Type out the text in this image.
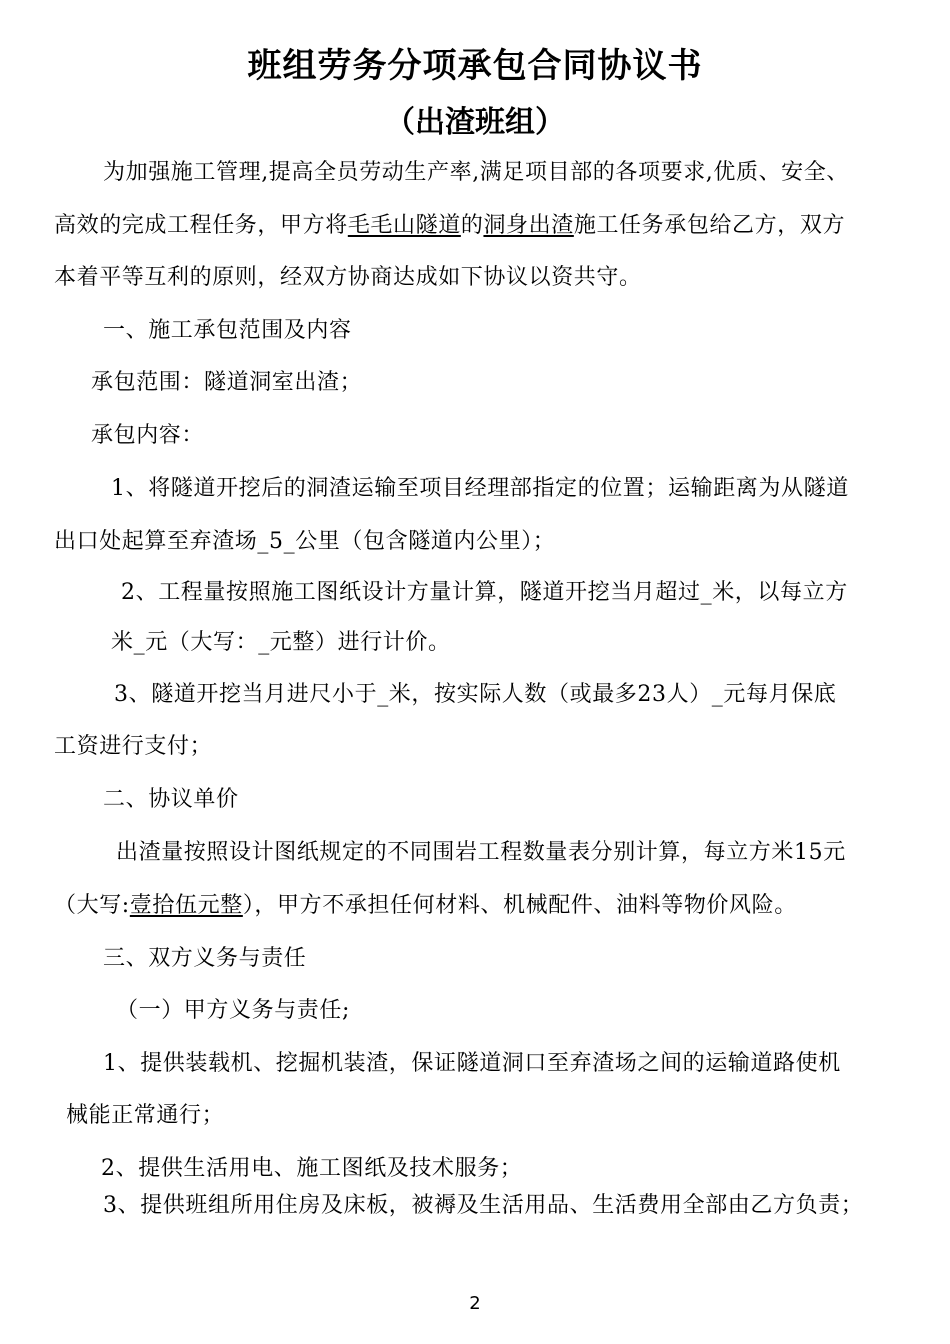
班组劳务分项承包合同协议书
（出渣班组）
为加强施工管理,提高全员劳动生产率,满足项目部的各项要求,优质、安全、
高效的完成工程任务，甲方将毛毛山隧道的洞身出渣施工任务承包给乙方，双方
本着平等互利的原则，经双方协商达成如下协议以资共守。
一、施工承包范围及内容
承包范围：隧道洞室出渣；
承包内容：
1、将隧道开挖后的洞渣运输至项目经理部指定的位置；运输距离为从隧道
出口处起算至弃渣场_5_公里（包含隧道内公里）；
2、工程量按照施工图纸设计方量计算，隧道开挖当月超过_米，以每立方
米_元（大写：_元整）进行计价。
3、隧道开挖当月进尺小于_米，按实际人数（或最多23人）_元每月保底
工资进行支付；
二、协议单价
出渣量按照设计图纸规定的不同围岩工程数量表分别计算，每立方米15元
（大写:壹拾伍元整），甲方不承担任何材料、机械配件、油料等物价风险。
三、双方义务与责任
（一）甲方义务与责任;
1、提供装载机、挖掘机装渣，保证隧道洞口至弃渣场之间的运输道路使机
械能正常通行；
2、提供生活用电、施工图纸及技术服务；
3、提供班组所用住房及床板，被褥及生活用品、生活费用全部由乙方负责；
2
